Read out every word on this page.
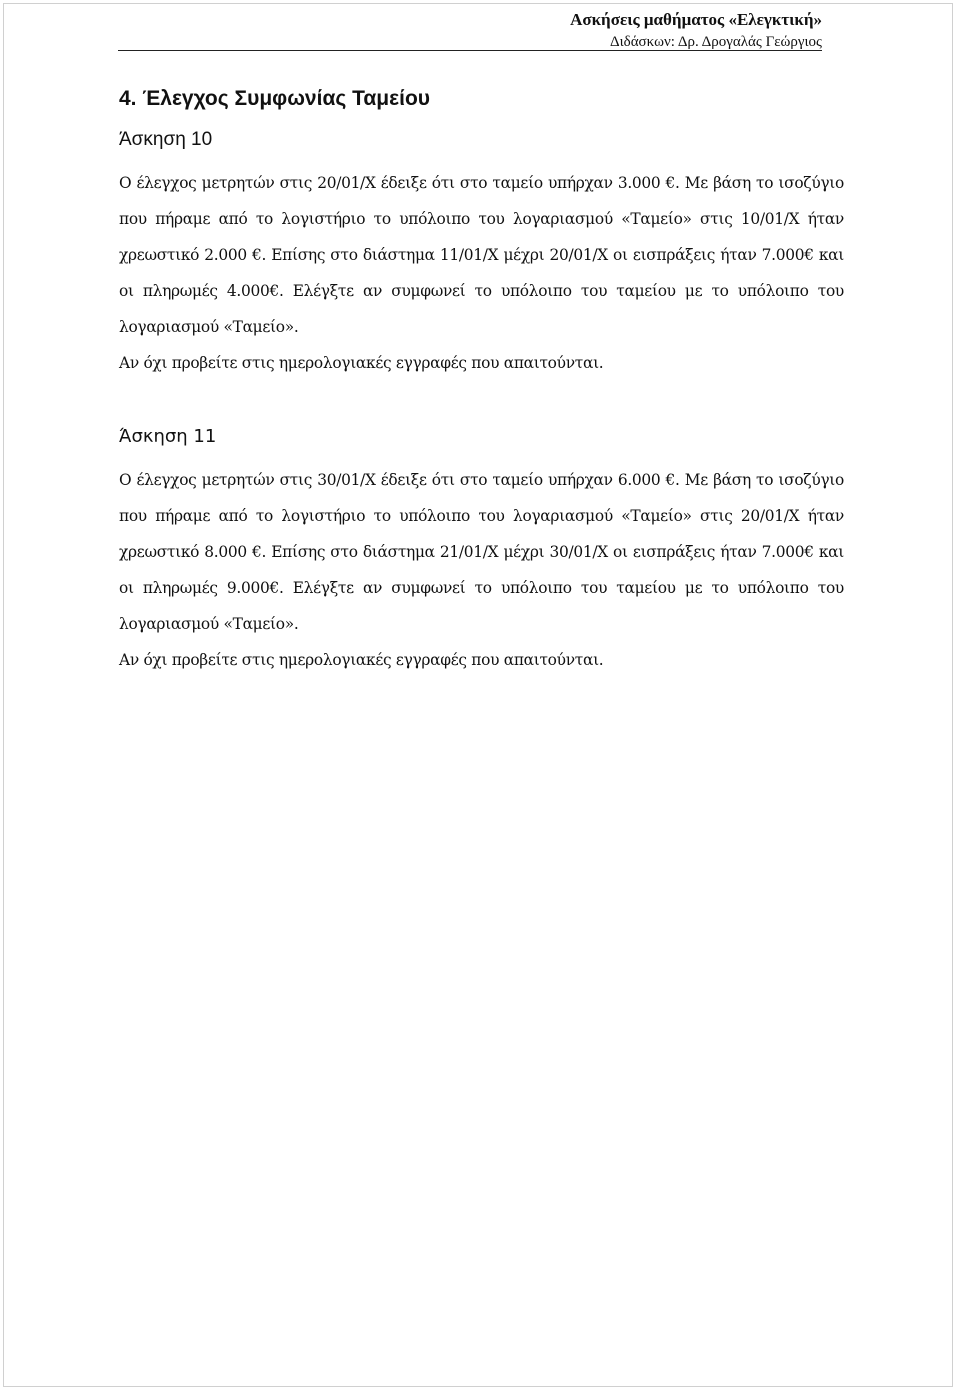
Ασκήσεις μαθήματος «Ελεγκτική»
Διδάσκων: Δρ. Δρογαλάς Γεώργιος
4. Έλεγχος Συμφωνίας Ταμείου
Άσκηση 10

Ο έλεγχος μετρητών στις 20/01/Χ έδειξε ότι στο ταμείο υπήρχαν 3.000 €. Με βάση το ισοζύγιο που πήραμε από το λογιστήριο το υπόλοιπο του λογαριασμού «Ταμείο» στις 10/01/Χ ήταν χρεωστικό 2.000 €. Επίσης στο διάστημα 11/01/Χ μέχρι 20/01/Χ οι εισπράξεις ήταν 7.000€ και οι πληρωμές 4.000€. Ελέγξτε αν συμφωνεί το υπόλοιπο του ταμείου με το υπόλοιπο του λογαριασμού «Ταμείο».

Αν όχι προβείτε στις ημερολογιακές εγγραφές που απαιτούνται.

Άσκηση 11

Ο έλεγχος μετρητών στις 30/01/Χ έδειξε ότι στο ταμείο υπήρχαν 6.000 €. Με βάση το ισοζύγιο που πήραμε από το λογιστήριο το υπόλοιπο του λογαριασμού «Ταμείο» στις 20/01/Χ ήταν χρεωστικό 8.000 €. Επίσης στο διάστημα 21/01/Χ μέχρι 30/01/Χ οι εισπράξεις ήταν 7.000€ και οι πληρωμές 9.000€. Ελέγξτε αν συμφωνεί το υπόλοιπο του ταμείου με το υπόλοιπο του λογαριασμού «Ταμείο».

Αν όχι προβείτε στις ημερολογιακές εγγραφές που απαιτούνται.
